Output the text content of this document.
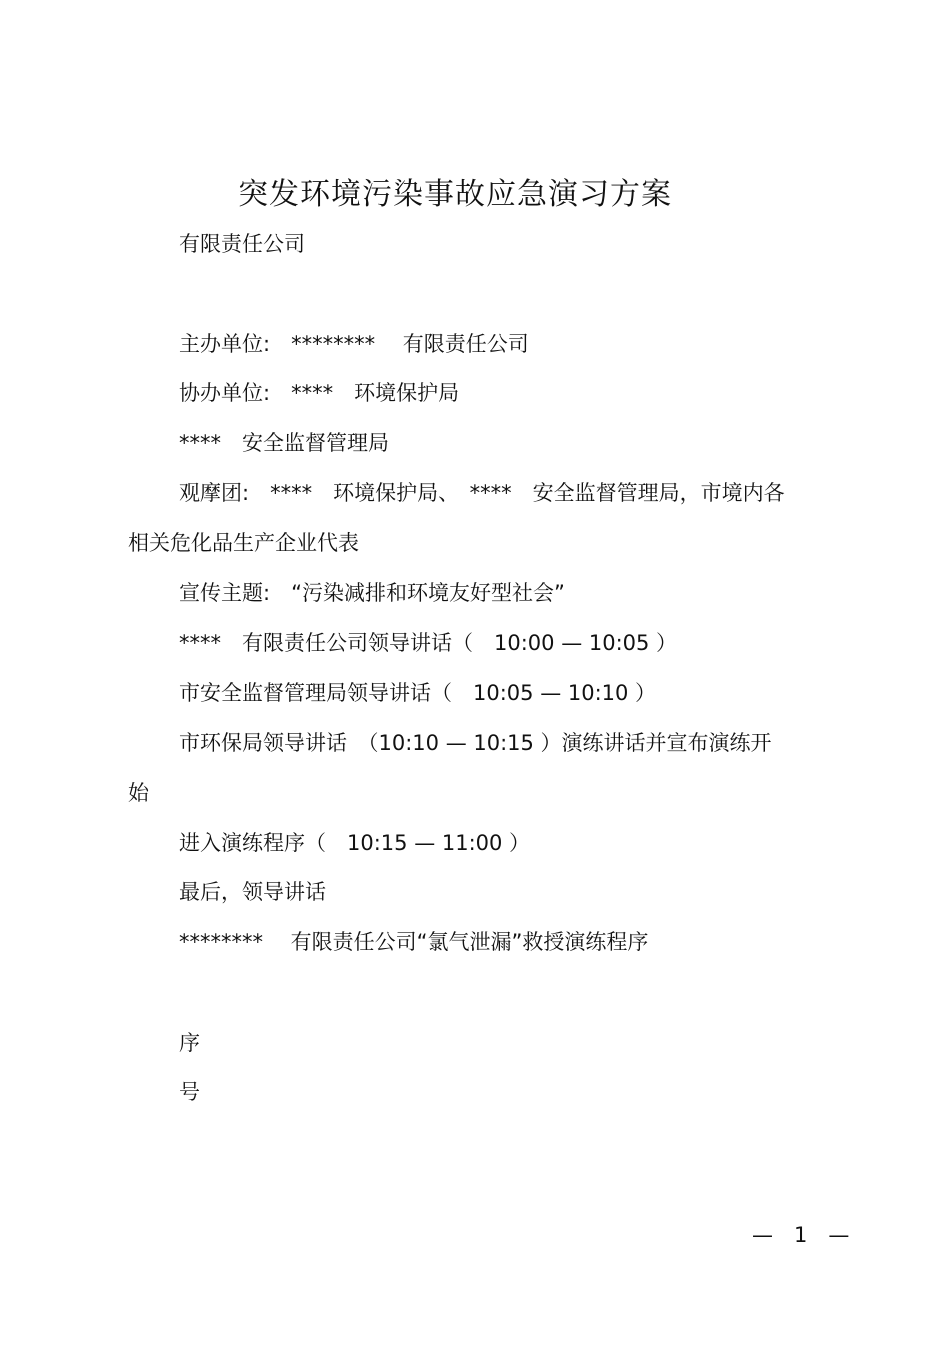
突发环境污染事故应急演习方案
有限责任公司
主办单位:　********　 有限责任公司
协办单位:　****　环境保护局
****　安全监督管理局
观摩团:　****　环境保护局、　****　安全监督管理局，市境内各
相关危化品生产企业代表
宣传主题:　“污染减排和环境友好型社会”
****　有限责任公司领导讲话（　10:00 — 10:05 ）
市安全监督管理局领导讲话（　10:05 — 10:10 ）
市环保局领导讲话　（10:10 — 10:15 ）演练讲话并宣布演练开
始
进入演练程序（　10:15 — 11:00 ）
最后，领导讲话
********　 有限责任公司“氯气泄漏”救授演练程序
序
号
—　1　—
